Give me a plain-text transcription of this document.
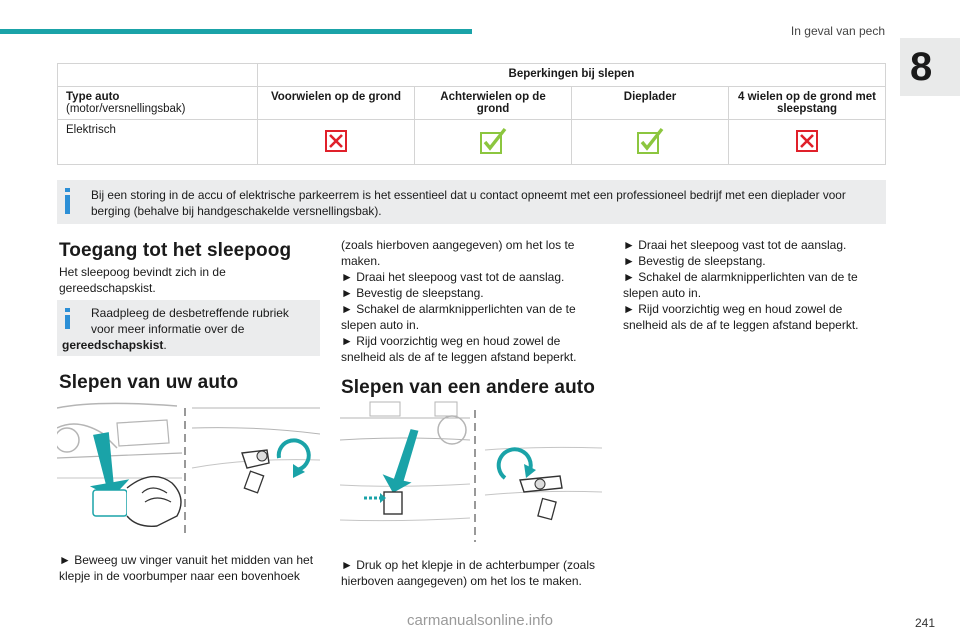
In geval van pech
8
	Beperkingen bij slepen			

Type auto
(motor/versnellingsbak)	Voorwielen op de grond	Achterwielen op de grond	Dieplader	4 wielen op de grond met sleepstang
Elektrisch				

Bij een storing in de accu of elektrische parkeerrem is het essentieel dat u contact opneemt met een professioneel bedrijf met een dieplader voor berging (behalve bij handgeschakelde versnellingsbak).

Toegang tot het sleepoog

Het sleepoog bevindt zich in de gereedschapskist.

Raadpleeg de desbetreffende rubriek voor meer informatie over de
gereedschapskist.
Slepen van uw auto

► Beweeg uw vinger vanuit het midden van het klepje in de voorbumper naar een bovenhoek

(zoals hierboven aangegeven) om het los te maken.

► Draai het sleepoog vast tot de aanslag.

► Bevestig de sleepstang.

► Schakel de alarmknipperlichten van de te slepen auto in.

► Rijd voorzichtig weg en houd zowel de snelheid als de af te leggen afstand beperkt.

Slepen van een andere auto

► Druk op het klepje in de achterbumper (zoals hierboven aangegeven) om het los te maken.

► Draai het sleepoog vast tot de aanslag.

► Bevestig de sleepstang.

► Schakel de alarmknipperlichten van de te slepen auto in.

► Rijd voorzichtig weg en houd zowel de snelheid als de af te leggen afstand beperkt.

carmanualsonline.info	241
